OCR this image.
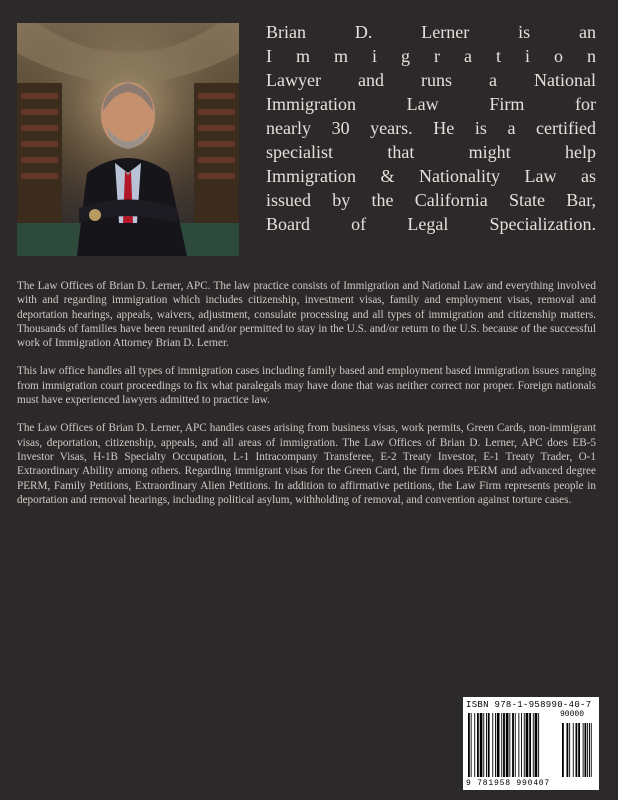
Brian D. Lerner is an
I m m i g r a t i o n
Lawyer and runs a National
Immigration Law Firm for
nearly 30 years. He is a certified
specialist that might help
Immigration & Nationality Law as
issued by the California State Bar,
Board of Legal Specialization.

The Law Offices of Brian D. Lerner, APC. The law practice consists of Immigration and National Law and everything involved with and regarding immigration which includes citizenship, investment visas, family and employment visas, removal and deportation hearings, appeals, waivers, adjustment, consulate processing and all types of immigration and citizenship matters. Thousands of families have been reunited and/or permitted to stay in the U.S. and/or return to the U.S. because of the successful work of Immigration Attorney Brian D. Lerner.

This law office handles all types of immigration cases including family based and employment based immigration issues ranging from immigration court proceedings to fix what paralegals may have done that was neither correct nor proper. Foreign nationals must have experienced lawyers admitted to practice law.

The Law Offices of Brian D. Lerner, APC handles cases arising from business visas, work permits, Green Cards, non-immigrant visas, deportation, citizenship, appeals, and all areas of immigration. The Law Offices of Brian D. Lerner, APC does EB-5 Investor Visas, H-1B Specialty Occupation, L-1 Intracompany Transferee, E-2 Treaty Investor, E-1 Treaty Trader, O-1 Extraordinary Ability among others. Regarding immigrant visas for the Green Card, the firm does PERM and advanced degree PERM, Family Petitions, Extraordinary Alien Petitions. In addition to affirmative petitions, the Law Firm represents people in deportation and removal hearings, including political asylum, withholding of removal, and convention against torture cases.

ISBN 978-1-958990-40-7
90000
9 781958 990407
